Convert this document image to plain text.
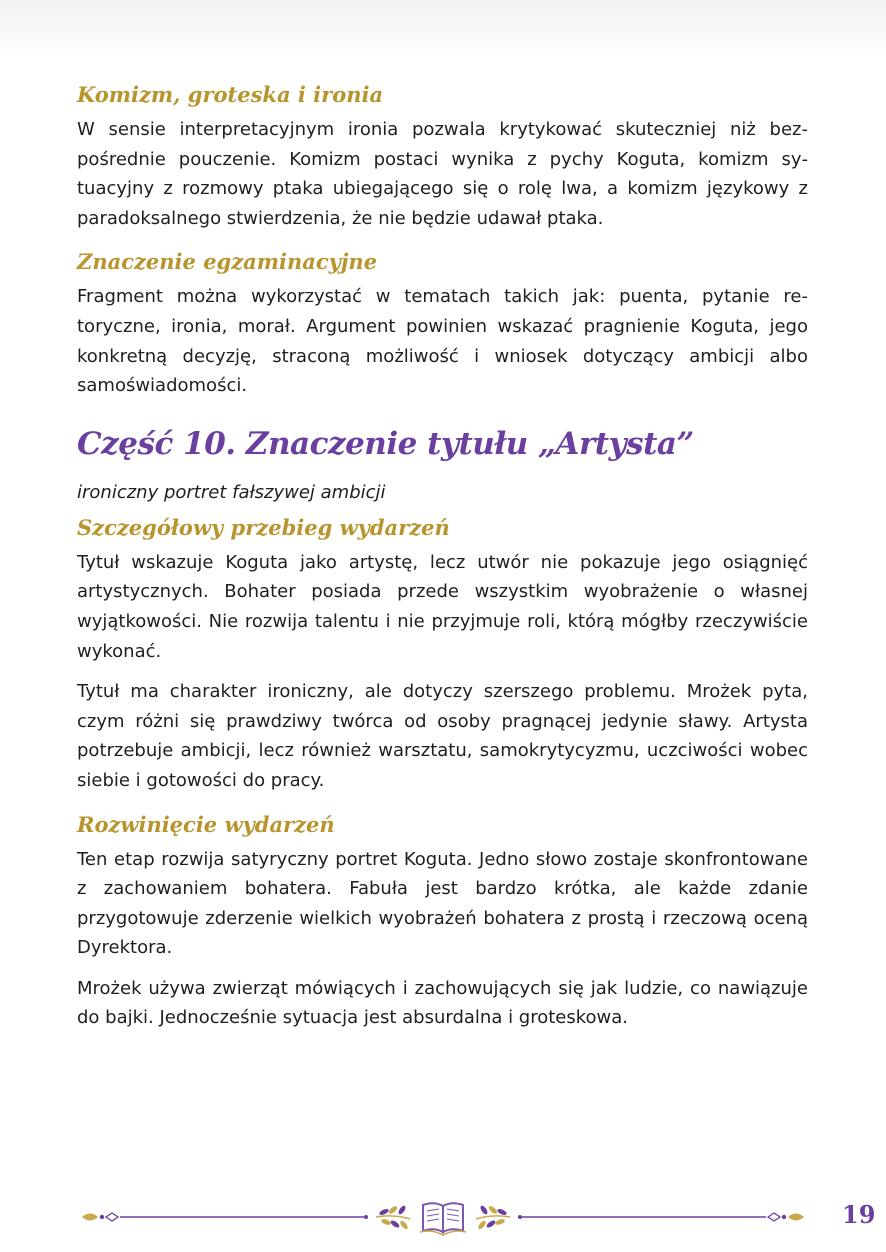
Komizm, groteska i ironia

W sensie interpretacyjnym ironia pozwala krytykować skuteczniej niż bezpośrednie pouczenie. Komizm postaci wynika z pychy Koguta, komizm sytuacyjny z rozmowy ptaka ubiegającego się o rolę lwa, a komizm językowy z paradoksalnego stwierdzenia, że nie będzie udawał ptaka.

Znaczenie egzaminacyjne

Fragment można wykorzystać w tematach takich jak: puenta, pytanie retoryczne, ironia, morał. Argument powinien wskazać pragnienie Koguta, jego konkretną decyzję, straconą możliwość i wniosek dotyczący ambicji albo samoświadomości.

Część 10. Znaczenie tytułu „Artysta”

ironiczny portret fałszywej ambicji

Szczegółowy przebieg wydarzeń

Tytuł wskazuje Koguta jako artystę, lecz utwór nie pokazuje jego osiągnięć artystycznych. Bohater posiada przede wszystkim wyobrażenie o własnej wyjątkowości. Nie rozwija talentu i nie przyjmuje roli, którą mógłby rzeczywiście wykonać.

Tytuł ma charakter ironiczny, ale dotyczy szerszego problemu. Mrożek pyta, czym różni się prawdziwy twórca od osoby pragnącej jedynie sławy. Artysta potrzebuje ambicji, lecz również warsztatu, samokrytycyzmu, uczciwości wobec siebie i gotowości do pracy.

Rozwinięcie wydarzeń

Ten etap rozwija satyryczny portret Koguta. Jedno słowo zostaje skonfrontowane z zachowaniem bohatera. Fabuła jest bardzo krótka, ale każde zdanie przygotowuje zderzenie wielkich wyobrażeń bohatera z prostą i rzeczową oceną Dyrektora.

Mrożek używa zwierząt mówiących i zachowujących się jak ludzie, co nawiązuje do bajki. Jednocześnie sytuacja jest absurdalna i groteskowa.

19
